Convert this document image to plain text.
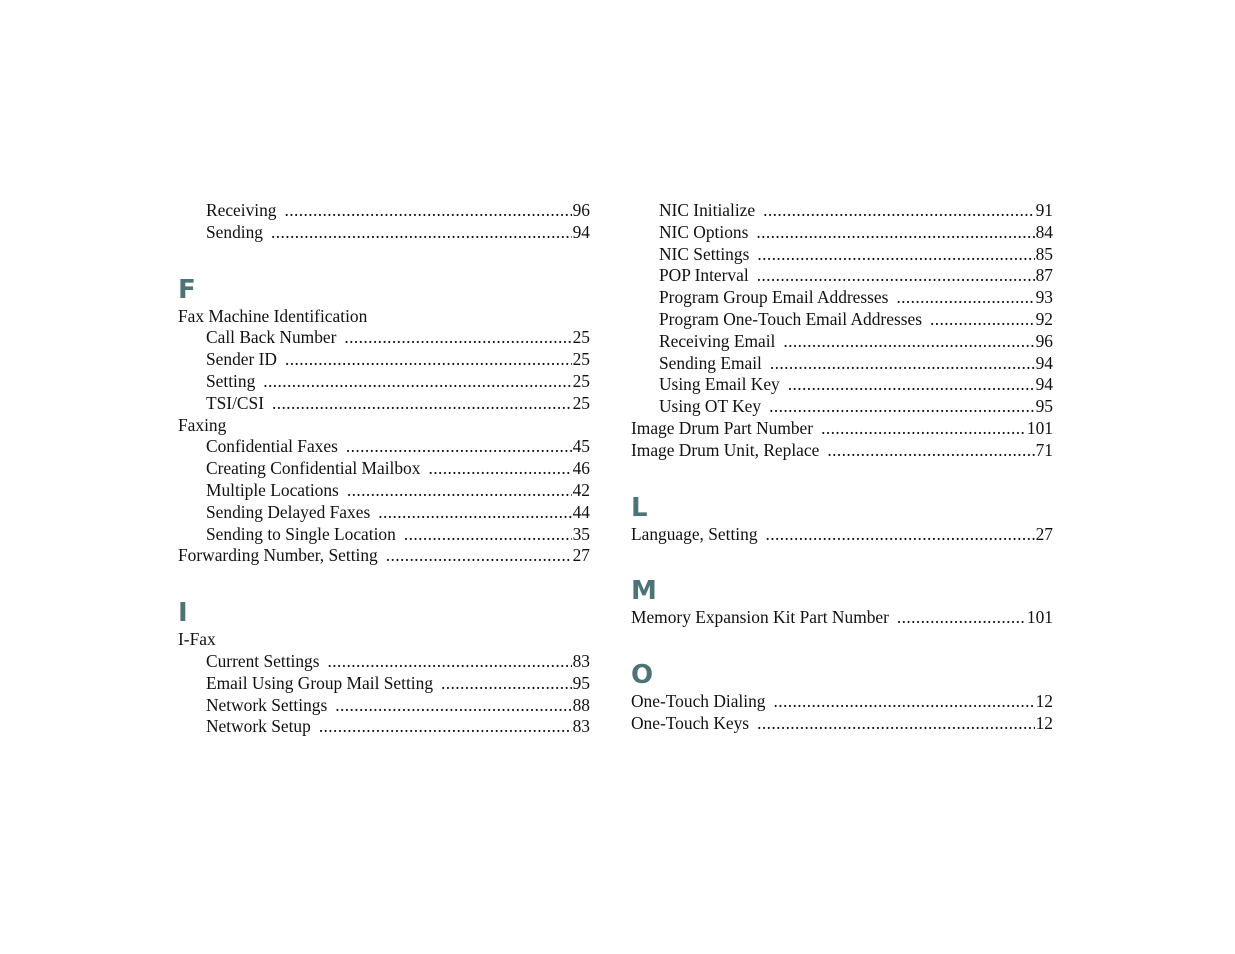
Receiving .....	96
Sending .....	94
F
Fax Machine Identification
Call Back Number .....	25
Sender ID .....	25
Setting .....	25
TSI/CSI .....	25
Faxing
Confidential Faxes .....	45
Creating Confidential Mailbox .....	46
Multiple Locations .....	42
Sending Delayed Faxes .....	44
Sending to Single Location .....	35
Forwarding Number, Setting .....	27
I
I-Fax
Current Settings .....	83
Email Using Group Mail Setting .....	95
Network Settings .....	88
Network Setup .....	83
NIC Initialize .....	91
NIC Options .....	84
NIC Settings .....	85
POP Interval .....	87
Program Group Email Addresses .....	93
Program One-Touch Email Addresses .....	92
Receiving Email .....	96
Sending Email .....	94
Using Email Key .....	94
Using OT Key .....	95
Image Drum Part Number .....	101
Image Drum Unit, Replace .....	71
L
Language, Setting .....	27
M
Memory Expansion Kit Part Number .....	101
O
One-Touch Dialing .....	12
One-Touch Keys .....	12
